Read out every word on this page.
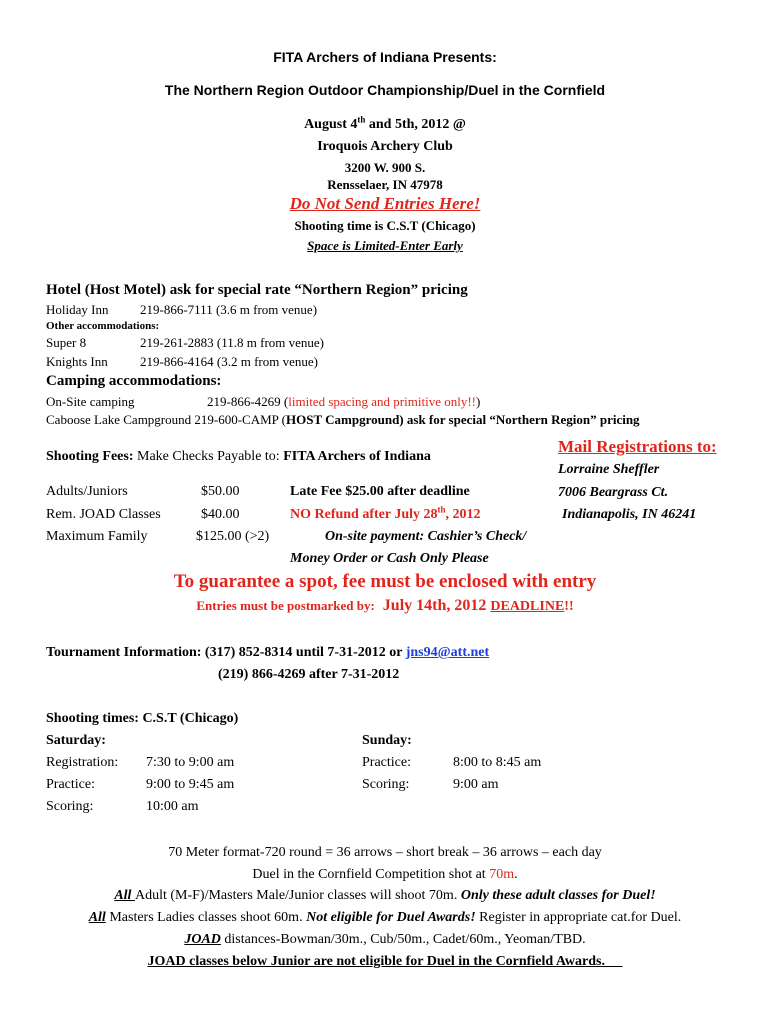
FITA Archers of Indiana Presents:
The Northern Region Outdoor Championship/Duel in the Cornfield
August 4th and 5th, 2012 @
Iroquois Archery Club
3200 W. 900 S.
Rensselaer, IN 47978
Do Not Send Entries Here!
Shooting time is C.S.T (Chicago)
Space is Limited-Enter Early
Hotel (Host Motel) ask for special rate “Northern Region” pricing
Holiday Inn 219-866-7111 (3.6 m from venue)
Other accommodations:
Super 8	219-261-2883 (11.8 m from venue)
Knights Inn 219-866-4164 (3.2 m from venue)
Camping accommodations:
On-Site camping	219-866-4269 (limited spacing and primitive only!!)
Caboose Lake Campground 219-600-CAMP (HOST Campground) ask for special “Northern Region” pricing
Shooting Fees: Make Checks Payable to: FITA Archers of Indiana
Adults/Juniors	$50.00
Rem. JOAD Classes	$40.00
Maximum Family	$125.00 (>2)
Late Fee $25.00 after deadline
NO Refund after July 28th, 2012
On-site payment: Cashier’s Check/
Money Order or Cash Only Please
Mail Registrations to:
Lorraine Sheffler
7006 Beargrass Ct.
Indianapolis, IN 46241
To guarantee a spot, fee must be enclosed with entry
Entries must be postmarked by: July 14th, 2012 DEADLINE!!
Tournament Information: (317) 852-8314 until 7-31-2012 or jns94@att.net
(219) 866-4269 after 7-31-2012
Shooting times: C.S.T (Chicago)
Saturday:
Registration: 7:30 to 9:00 am
Practice:	9:00 to 9:45 am
Scoring:	10:00 am
Sunday:
Practice:	8:00 to 8:45 am
Scoring:	9:00 am
70 Meter format-720 round = 36 arrows – short break – 36 arrows – each day
Duel in the Cornfield Competition shot at 70m.
All Adult (M-F)/Masters Male/Junior classes will shoot 70m. Only these adult classes for Duel!
All Masters Ladies classes shoot 60m. Not eligible for Duel Awards! Register in appropriate cat.for Duel.
JOAD distances-Bowman/30m., Cub/50m., Cadet/60m., Yeoman/TBD.
JOAD classes below Junior are not eligible for Duel in the Cornfield Awards.
